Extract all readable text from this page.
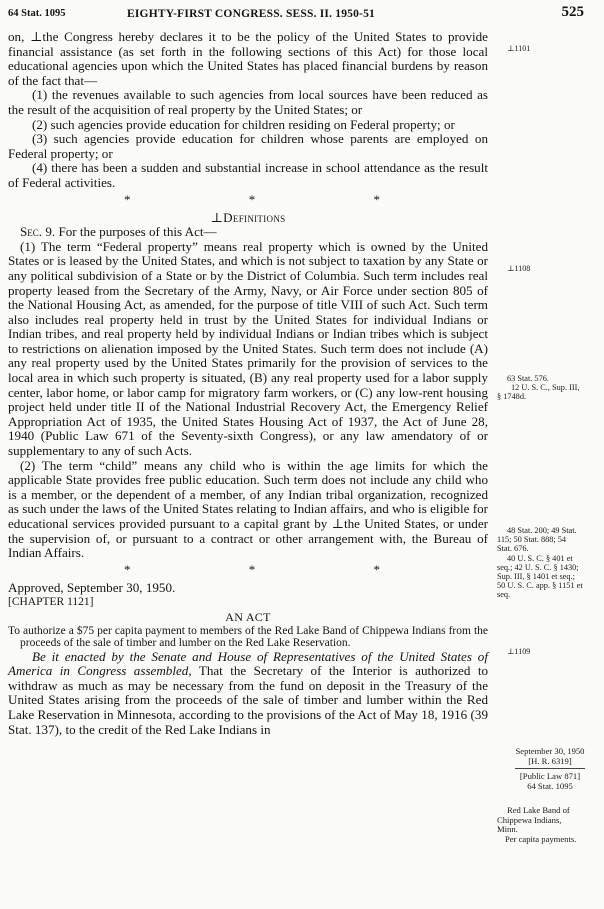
64 Stat. 1095	EIGHTY-FIRST CONGRESS. SESS. II. 1950-51	525

on, ⊥the Congress hereby declares it to be the policy of the United States to provide financial assistance (as set forth in the following sections of this Act) for those local educational agencies upon which the United States has placed financial burdens by reason of the fact that—

(1) the revenues available to such agencies from local sources have been reduced as the result of the acquisition of real property by the United States; or

(2) such agencies provide education for children residing on Federal property; or

(3) such agencies provide education for children whose parents are employed on Federal property; or

(4) there has been a sudden and substantial increase in school attendance as the result of Federal activities.

*	*	*

⊥Definitions

Sec. 9. For the purposes of this Act—

(1) The term “Federal property” means real property which is owned by the United States or is leased by the United States, and which is not subject to taxation by any State or any political subdivision of a State or by the District of Columbia. Such term includes real property leased from the Secretary of the Army, Navy, or Air Force under section 805 of the National Housing Act, as amended, for the purpose of title VIII of such Act. Such term also includes real property held in trust by the United States for individual Indians or Indian tribes, and real property held by individual Indians or Indian tribes which is subject to restrictions on alienation imposed by the United States. Such term does not include (A) any real property used by the United States primarily for the provision of services to the local area in which such property is situated, (B) any real property used for a labor supply center, labor home, or labor camp for migratory farm workers, or (C) any low-rent housing project held under title II of the National Industrial Recovery Act, the Emergency Relief Appropriation Act of 1935, the United States Housing Act of 1937, the Act of June 28, 1940 (Public Law 671 of the Seventy-sixth Congress), or any law amendatory of or supplementary to any of such Acts.

(2) The term “child” means any child who is within the age limits for which the applicable State provides free public education. Such term does not include any child who is a member, or the dependent of a member, of any Indian tribal organization, recognized as such under the laws of the United States relating to Indian affairs, and who is eligible for educational services provided pursuant to a capital grant by ⊥the United States, or under the supervision of, or pursuant to a contract or other arrangement with, the Bureau of Indian Affairs.

*	*	*

Approved, September 30, 1950.

[CHAPTER 1121]

AN ACT

To authorize a $75 per capita payment to members of the Red Lake Band of Chippewa Indians from the proceeds of the sale of timber and lumber on the Red Lake Reservation.

Be it enacted by the Senate and House of Representatives of the United States of America in Congress assembled, That the Secretary of the Interior is authorized to withdraw as much as may be necessary from the fund on deposit in the Treasury of the United States arising from the proceeds of the sale of timber and lumber within the Red Lake Reservation in Minnesota, according to the provisions of the Act of May 18, 1916 (39 Stat. 137), to the credit of the Red Lake Indians in

⊥1101
⊥1108
63 Stat. 576.
12 U. S. C., Sup. III,
§ 1748d.
48 Stat. 200; 49 Stat.
115; 50 Stat. 888; 54
Stat. 676.
40 U. S. C. § 401 et
seq.; 42 U. S. C. § 1430;
Sup. III, § 1401 et seq.;
50 U. S. C. app. § 1151 et
seq.
⊥1109
September 30, 1950
[H. R. 6319]
[Public Law 871]
64 Stat. 1095
Red Lake Band of
Chippewa Indians,
Minn.
Per capita payments.
